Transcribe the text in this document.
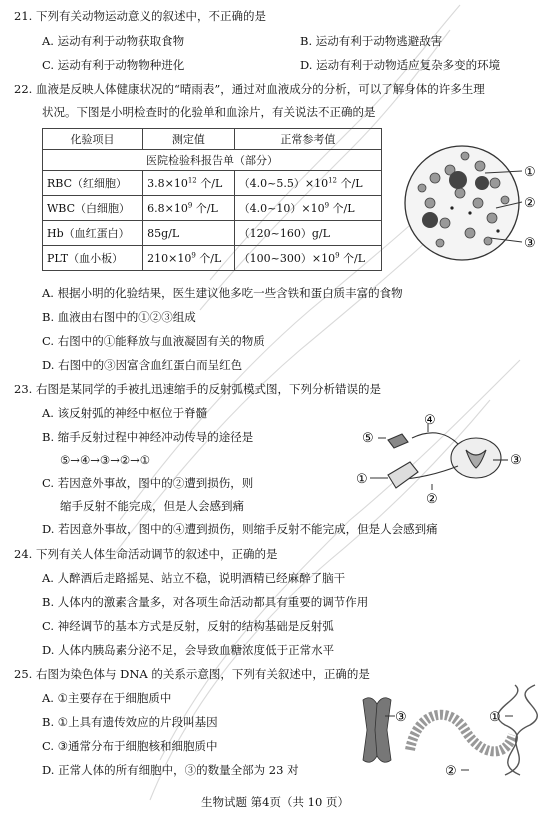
21. 下列有关动物运动意义的叙述中，不正确的是
A. 运动有利于动物获取食物	B. 运动有利于动物逃避敌害
C. 运动有利于动物物种进化	D. 运动有利于动物适应复杂多变的环境
22. 血液是反映人体健康状况的“晴雨表”，通过对血液成分的分析，可以了解身体的许多生理
状况。下图是小明检查时的化验单和血涂片，有关说法不正确的是
医院检验科报告单（部分）		
化验项目	测定值	正常参考值
RBC（红细胞）	$3.8\times 10^{12}$ 个/L	$(4.0\sim 5.5)\times 10^{12}$ 个/L
WBC（白细胞）	$6.8\times 10^9$ 个/L	$(4.0\sim 10)\times 10^9$ 个/L
Hb（血红蛋白）	85g/L	（120~160）g/L
PLT（血小板）	$210\times 10^9$ 个/L	$(100\sim 300)\times 10^9$ 个/L
①
②
③
A. 根据小明的化验结果，医生建议他多吃一些含铁和蛋白质丰富的食物
B. 血液由右图中的①②③组成
C. 右图中的①能释放与血液凝固有关的物质
D. 右图中的③因富含血红蛋白而呈红色
23. 右图是某同学的手被扎迅速缩手的反射弧模式图，下列分析错误的是
A. 该反射弧的神经中枢位于脊髓
B. 缩手反射过程中神经冲动传导的途径是
⑤→④→③→②→①
C. 若因意外事故，图中的②遭到损伤，则
缩手反射不能完成，但是人会感到痛
D. 若因意外事故，图中的④遭到损伤，则缩手反射不能完成，但是人会感到痛
①
②
③
④
⑤
24. 下列有关人体生命活动调节的叙述中，正确的是
A. 人醉酒后走路摇晃、站立不稳，说明酒精已经麻醉了脑干
B. 人体内的激素含量多，对各项生命活动都具有重要的调节作用
C. 神经调节的基本方式是反射，反射的结构基础是反射弧
D. 人体内胰岛素分泌不足，会导致血糖浓度低于正常水平
25. 右图为染色体与 DNA 的关系示意图，下列有关叙述中，正确的是
A. ①主要存在于细胞质中
B. ①上具有遗传效应的片段叫基因
C. ③通常分布于细胞核和细胞质中
D. 正常人体的所有细胞中，③的数量全部为 23 对
③	①
②
生物试题 第4页（共 10 页）
